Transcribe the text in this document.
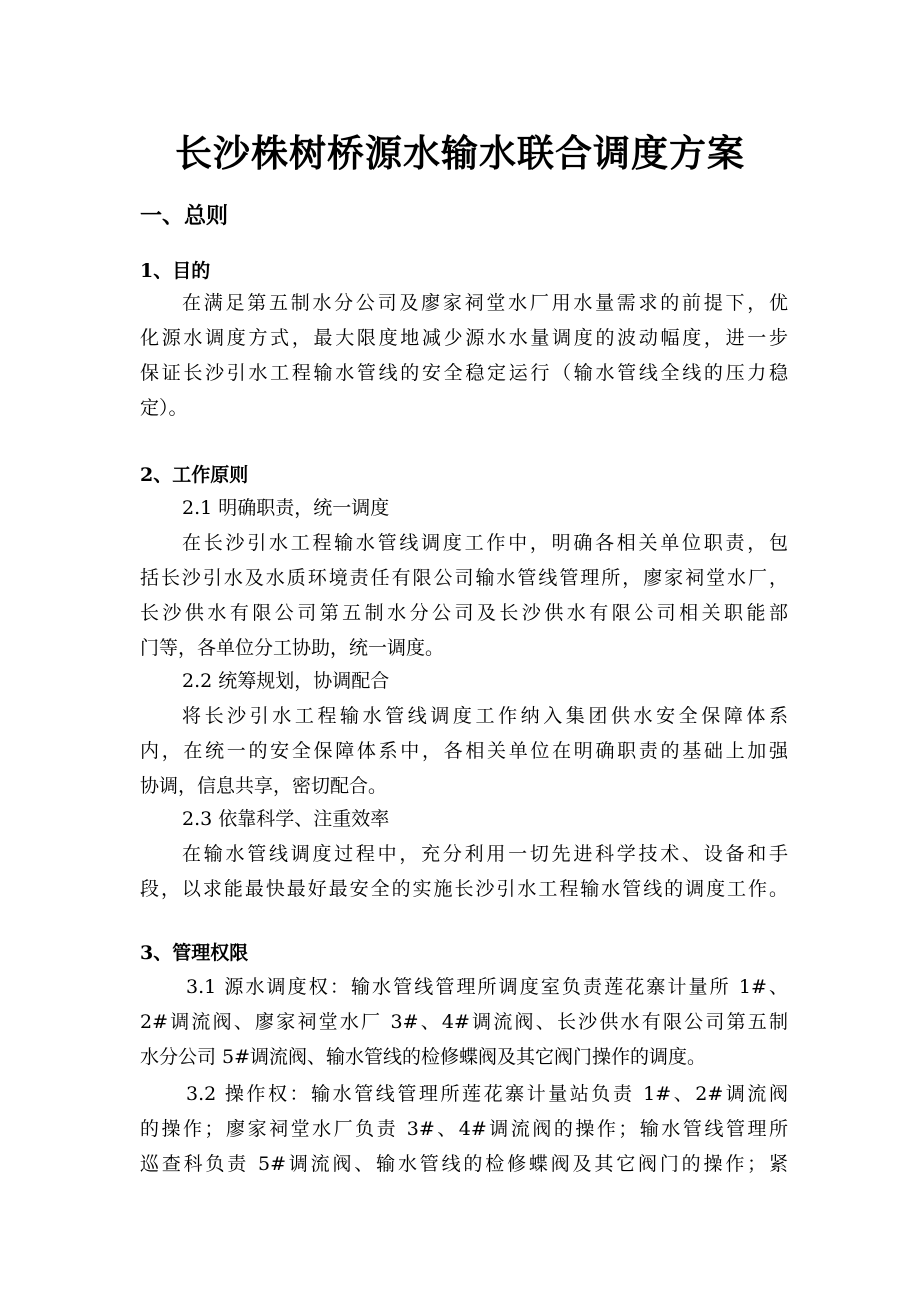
长沙株树桥源水输水联合调度方案
一、总则
1、目的
在满足第五制水分公司及廖家祠堂水厂用水量需求的前提下，优
化源水调度方式，最大限度地减少源水水量调度的波动幅度，进一步
保证长沙引水工程输水管线的安全稳定运行（输水管线全线的压力稳
定）。
2、工作原则
2.1 明确职责，统一调度
在长沙引水工程输水管线调度工作中，明确各相关单位职责，包
括长沙引水及水质环境责任有限公司输水管线管理所，廖家祠堂水厂，
长沙供水有限公司第五制水分公司及长沙供水有限公司相关职能部
门等，各单位分工协助，统一调度。
2.2 统筹规划，协调配合
将长沙引水工程输水管线调度工作纳入集团供水安全保障体系
内，在统一的安全保障体系中，各相关单位在明确职责的基础上加强
协调，信息共享，密切配合。
2.3 依靠科学、注重效率
在输水管线调度过程中，充分利用一切先进科学技术、设备和手
段，以求能最快最好最安全的实施长沙引水工程输水管线的调度工作。
3、管理权限
3.1 源水调度权：输水管线管理所调度室负责莲花寨计量所 1#、
2#调流阀、廖家祠堂水厂 3#、4#调流阀、长沙供水有限公司第五制
水分公司 5#调流阀、输水管线的检修蝶阀及其它阀门操作的调度。
3.2 操作权：输水管线管理所莲花寨计量站负责 1#、2#调流阀
的操作；廖家祠堂水厂负责 3#、4#调流阀的操作；输水管线管理所
巡查科负责 5#调流阀、输水管线的检修蝶阀及其它阀门的操作；紧
